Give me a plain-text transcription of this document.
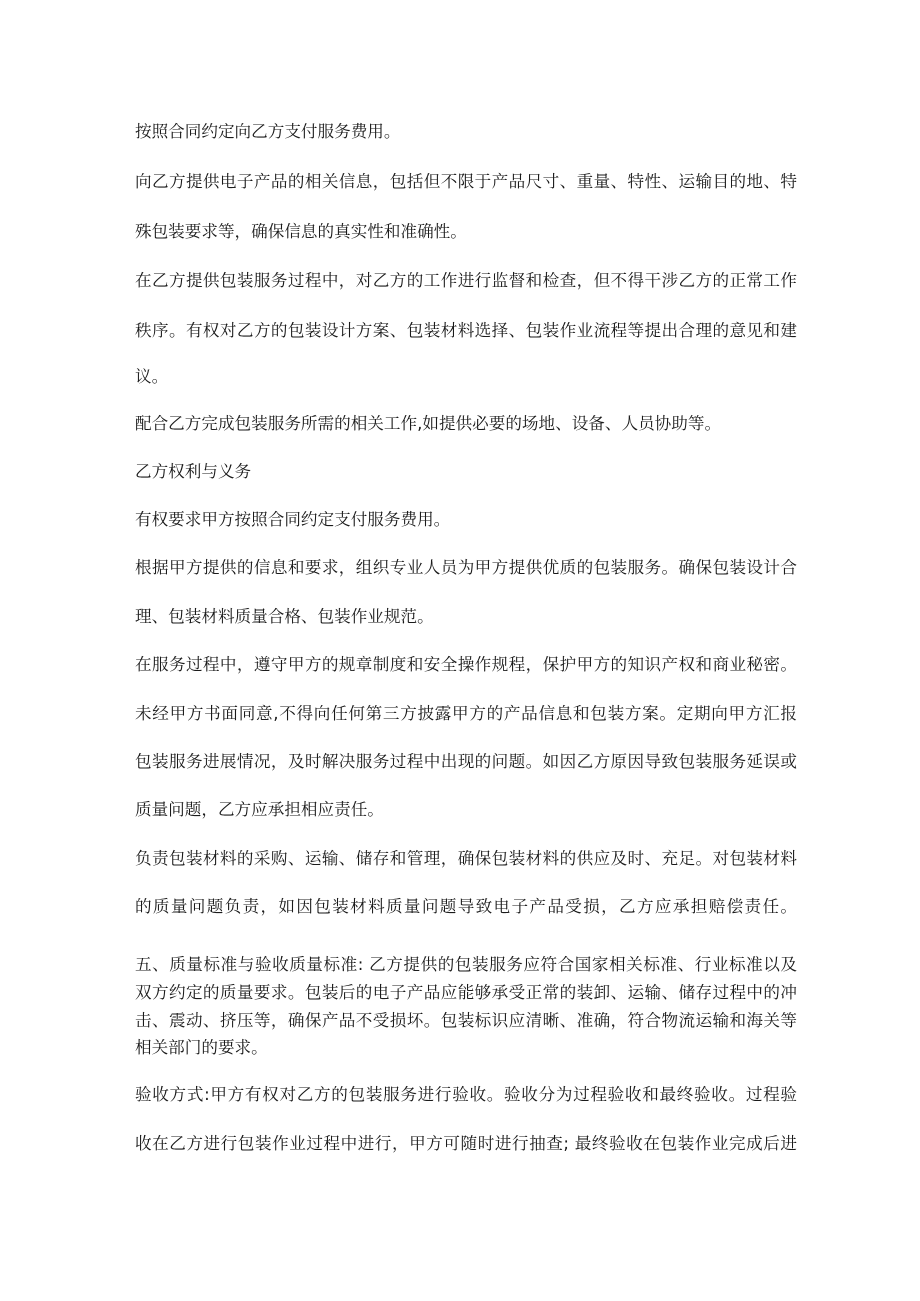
按照合同约定向乙方支付服务费用。
向乙方提供电子产品的相关信息，包括但不限于产品尺寸、重量、特性、运输目的地、特
殊包装要求等，确保信息的真实性和准确性。
在乙方提供包装服务过程中，对乙方的工作进行监督和检查，但不得干涉乙方的正常工作
秩序。有权对乙方的包装设计方案、包装材料选择、包装作业流程等提出合理的意见和建
议。
配合乙方完成包装服务所需的相关工作,如提供必要的场地、设备、人员协助等。
乙方权利与义务
有权要求甲方按照合同约定支付服务费用。
根据甲方提供的信息和要求，组织专业人员为甲方提供优质的包装服务。确保包装设计合
理、包装材料质量合格、包装作业规范。
在服务过程中，遵守甲方的规章制度和安全操作规程，保护甲方的知识产权和商业秘密。
未经甲方书面同意,不得向任何第三方披露甲方的产品信息和包装方案。定期向甲方汇报
包装服务进展情况，及时解决服务过程中出现的问题。如因乙方原因导致包装服务延误或
质量问题，乙方应承担相应责任。
负责包装材料的采购、运输、储存和管理，确保包装材料的供应及时、充足。对包装材料
的质量问题负责，如因包装材料质量问题导致电子产品受损，乙方应承担赔偿责任。
五、质量标准与验收质量标准: 乙方提供的包装服务应符合国家相关标准、行业标准以及
双方约定的质量要求。包装后的电子产品应能够承受正常的装卸、运输、储存过程中的冲
击、震动、挤压等，确保产品不受损坏。包装标识应清晰、准确，符合物流运输和海关等
相关部门的要求。
验收方式:甲方有权对乙方的包装服务进行验收。验收分为过程验收和最终验收。过程验
收在乙方进行包装作业过程中进行，甲方可随时进行抽查; 最终验收在包装作业完成后进
